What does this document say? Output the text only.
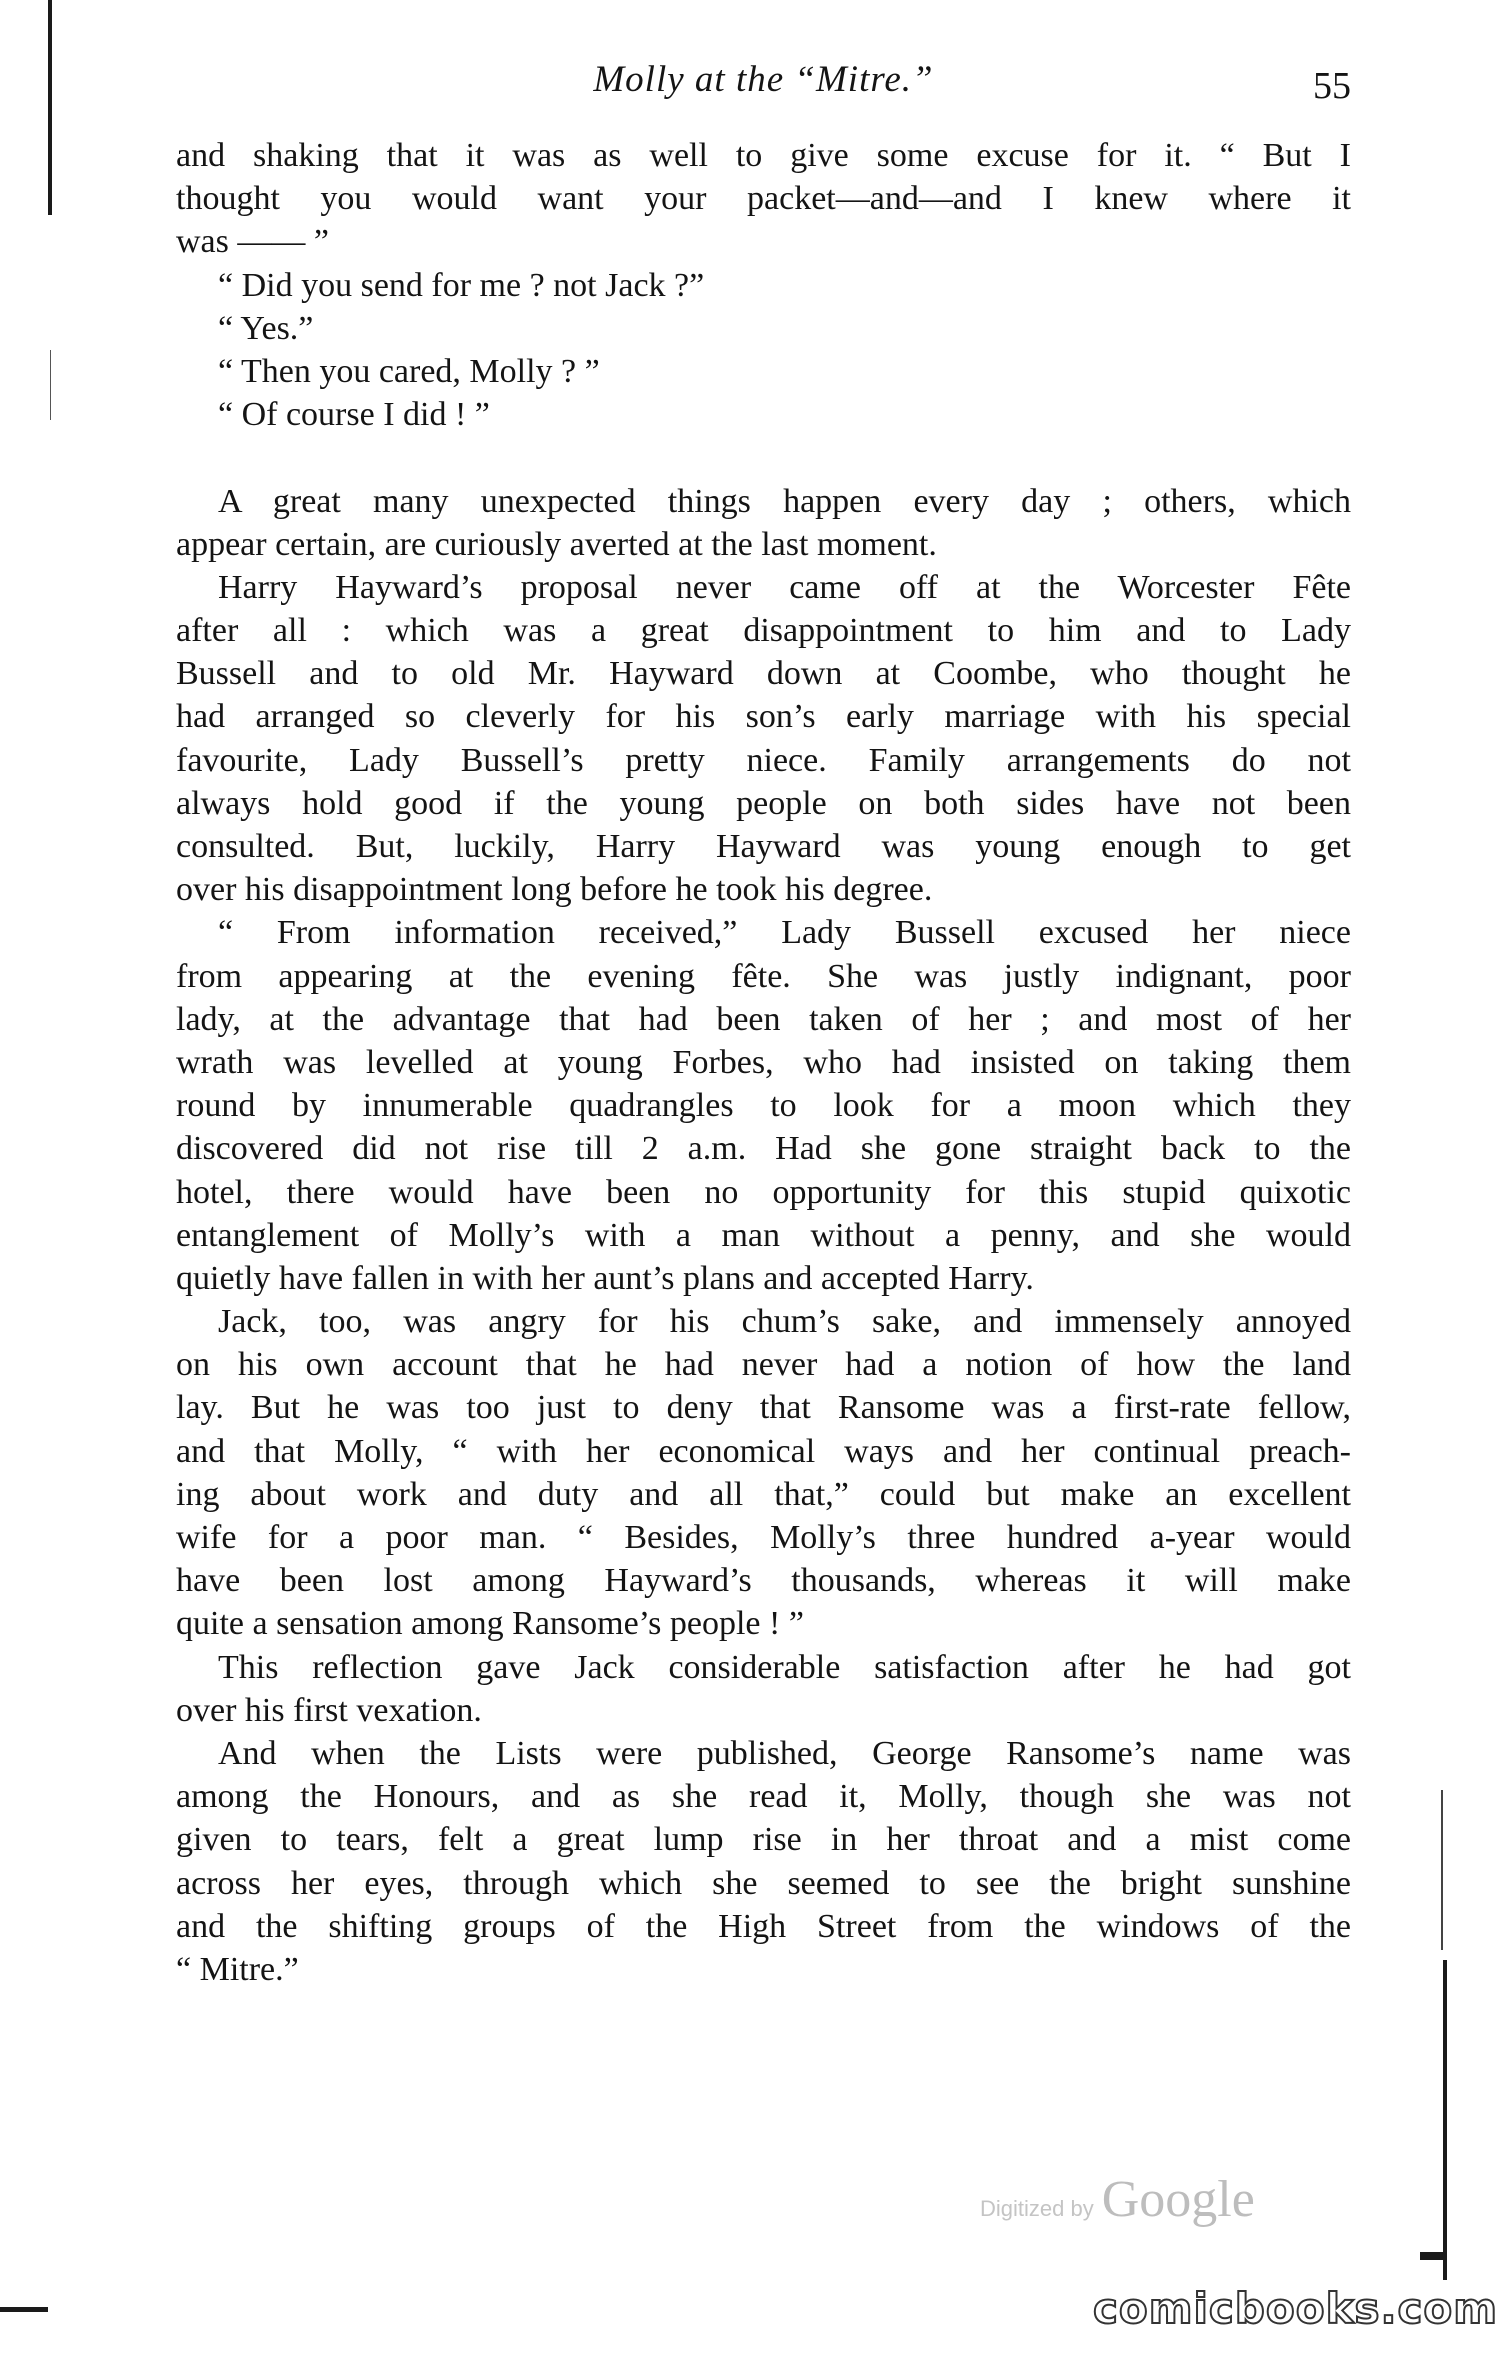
Molly at the “Mitre.”	55
and shaking that it was as well to give some excuse for it. “ But I
thought you would want your packet—and—and I knew where it
was —— ”
“ Did you send for me ? not Jack ?”
“ Yes.”
“ Then you cared, Molly ? ”
“ Of course I did ! ”
A great many unexpected things happen every day ; others, which
appear certain, are curiously averted at the last moment.
Harry Hayward’s proposal never came off at the Worcester Fête
after all : which was a great disappointment to him and to Lady
Bussell and to old Mr. Hayward down at Coombe, who thought he
had arranged so cleverly for his son’s early marriage with his special
favourite, Lady Bussell’s pretty niece. Family arrangements do not
always hold good if the young people on both sides have not been
consulted. But, luckily, Harry Hayward was young enough to get
over his disappointment long before he took his degree.
“ From information received,” Lady Bussell excused her niece
from appearing at the evening fête. She was justly indignant, poor
lady, at the advantage that had been taken of her ; and most of her
wrath was levelled at young Forbes, who had insisted on taking them
round by innumerable quadrangles to look for a moon which they
discovered did not rise till 2 a.m. Had she gone straight back to the
hotel, there would have been no opportunity for this stupid quixotic
entanglement of Molly’s with a man without a penny, and she would
quietly have fallen in with her aunt’s plans and accepted Harry.
Jack, too, was angry for his chum’s sake, and immensely annoyed
on his own account that he had never had a notion of how the land
lay. But he was too just to deny that Ransome was a first-rate fellow,
and that Molly, “ with her economical ways and her continual preach-
ing about work and duty and all that,” could but make an excellent
wife for a poor man. “ Besides, Molly’s three hundred a-year would
have been lost among Hayward’s thousands, whereas it will make
quite a sensation among Ransome’s people ! ”
This reflection gave Jack considerable satisfaction after he had got
over his first vexation.
And when the Lists were published, George Ransome’s name was
among the Honours, and as she read it, Molly, though she was not
given to tears, felt a great lump rise in her throat and a mist come
across her eyes, through which she seemed to see the bright sunshine
and the shifting groups of the High Street from the windows of the
“ Mitre.”
Digitized by Google
comicbooks.com
